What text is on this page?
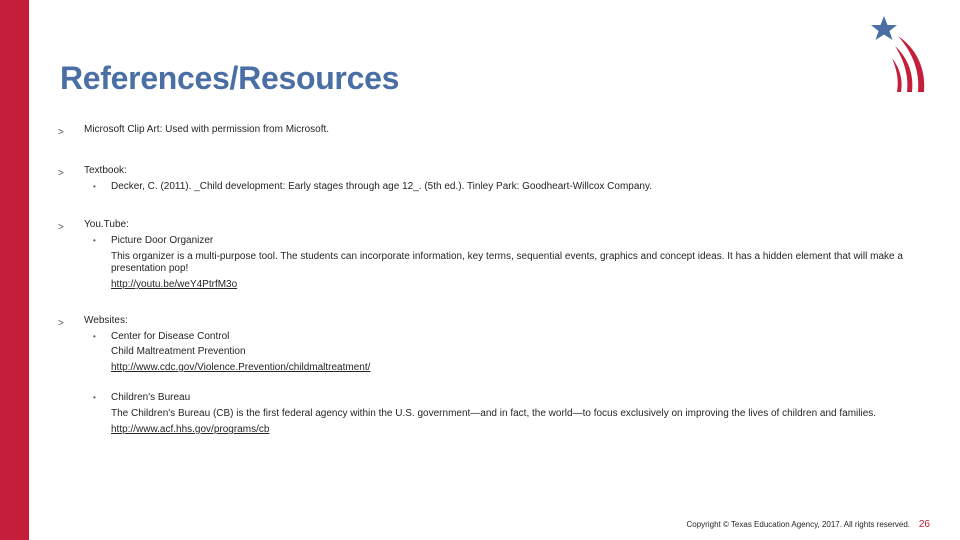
References/Resources
> Microsoft Clip Art: Used with permission from Microsoft.
> Textbook:
• Decker, C. (2011). _Child development: Early stages through age 12_. (5th ed.). Tinley Park: Goodheart-Willcox Company.
> You.Tube:
• Picture Door Organizer
This organizer is a multi-purpose tool. The students can incorporate information, key terms, sequential events, graphics and concept ideas. It has a hidden element that will make a presentation pop!
http://youtu.be/weY4PtrfM3o
> Websites:
• Center for Disease Control
Child Maltreatment Prevention
http://www.cdc.gov/Violence.Prevention/childmaltreatment/
• Children's Bureau
The Children's Bureau (CB) is the first federal agency within the U.S. government—and in fact, the world—to focus exclusively on improving the lives of children and families.
http://www.acf.hhs.gov/programs/cb
Copyright © Texas Education Agency, 2017. All rights reserved. 26
